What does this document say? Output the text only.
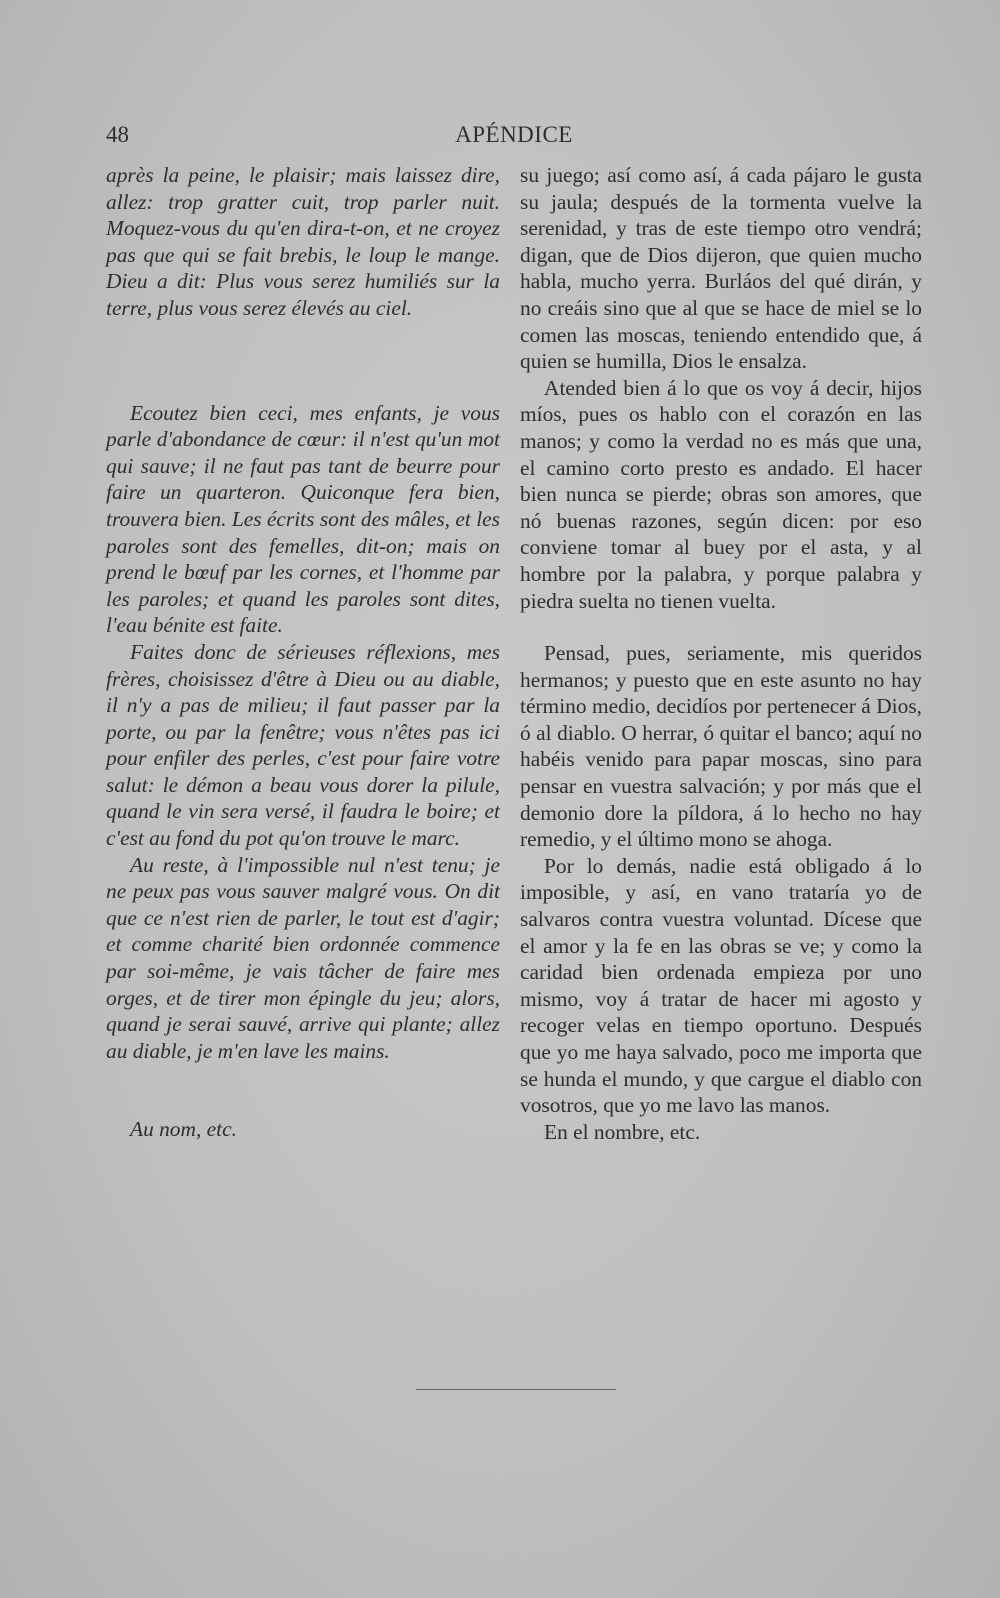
48	APÉNDICE

après la peine, le plaisir; mais laissez dire, allez: trop gratter cuit, trop parler nuit. Moquez-vous du qu'en dira-t-on, et ne croyez pas que qui se fait brebis, le loup le mange. Dieu a dit: Plus vous serez humiliés sur la terre, plus vous serez élevés au ciel.

Ecoutez bien ceci, mes enfants, je vous parle d'abondance de cœur: il n'est qu'un mot qui sauve; il ne faut pas tant de beurre pour faire un quarteron. Quiconque fera bien, trouvera bien. Les écrits sont des mâles, et les paroles sont des femelles, dit-on; mais on prend le bœuf par les cornes, et l'homme par les paroles; et quand les paroles sont dites, l'eau bénite est faite.

Faites donc de sérieuses réflexions, mes frères, choisissez d'être à Dieu ou au diable, il n'y a pas de milieu; il faut passer par la porte, ou par la fenêtre; vous n'êtes pas ici pour enfiler des perles, c'est pour faire votre salut: le démon a beau vous dorer la pilule, quand le vin sera versé, il faudra le boire; et c'est au fond du pot qu'on trouve le marc.

Au reste, à l'impossible nul n'est tenu; je ne peux pas vous sauver malgré vous. On dit que ce n'est rien de parler, le tout est d'agir; et comme charité bien ordonnée commence par soi-même, je vais tâcher de faire mes orges, et de tirer mon épingle du jeu; alors, quand je serai sauvé, arrive qui plante; allez au diable, je m'en lave les mains.

Au nom, etc.

su juego; así como así, á cada pájaro le gusta su jaula; después de la tormenta vuelve la serenidad, y tras de este tiempo otro vendrá; digan, que de Dios dijeron, que quien mucho habla, mucho yerra. Burláos del qué dirán, y no creáis sino que al que se hace de miel se lo comen las moscas, teniendo entendido que, á quien se humilla, Dios le ensalza.

Atended bien á lo que os voy á decir, hijos míos, pues os hablo con el corazón en las manos; y como la verdad no es más que una, el camino corto presto es andado. El hacer bien nunca se pierde; obras son amores, que nó buenas razones, según dicen: por eso conviene tomar al buey por el asta, y al hombre por la palabra, y porque palabra y piedra suelta no tienen vuelta.

Pensad, pues, seriamente, mis queridos hermanos; y puesto que en este asunto no hay término medio, decidíos por pertenecer á Dios, ó al diablo. O herrar, ó quitar el banco; aquí no habéis venido para papar moscas, sino para pensar en vuestra salvación; y por más que el demonio dore la píldora, á lo hecho no hay remedio, y el último mono se ahoga.

Por lo demás, nadie está obligado á lo imposible, y así, en vano trataría yo de salvaros contra vuestra voluntad. Dícese que el amor y la fe en las obras se ve; y como la caridad bien ordenada empieza por uno mismo, voy á tratar de hacer mi agosto y recoger velas en tiempo oportuno. Después que yo me haya salvado, poco me importa que se hunda el mundo, y que cargue el diablo con vosotros, que yo me lavo las manos.

En el nombre, etc.
